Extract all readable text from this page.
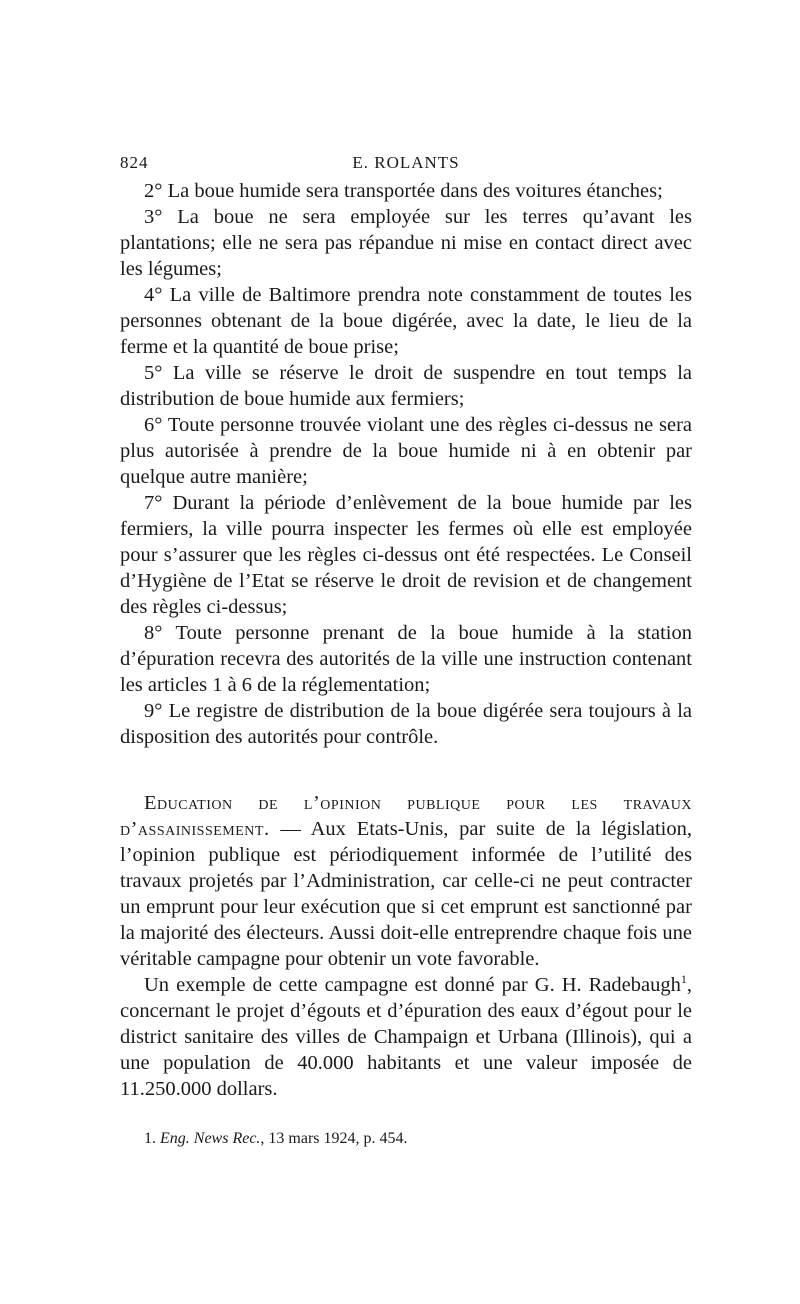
824	E. ROLANTS

2° La boue humide sera transportée dans des voitures étanches;

3° La boue ne sera employée sur les terres qu’avant les plantations; elle ne sera pas répandue ni mise en contact direct avec les légumes;

4° La ville de Baltimore prendra note constamment de toutes les personnes obtenant de la boue digérée, avec la date, le lieu de la ferme et la quantité de boue prise;

5° La ville se réserve le droit de suspendre en tout temps la distribution de boue humide aux fermiers;

6° Toute personne trouvée violant une des règles ci-dessus ne sera plus autorisée à prendre de la boue humide ni à en obtenir par quelque autre manière;

7° Durant la période d’enlèvement de la boue humide par les fermiers, la ville pourra inspecter les fermes où elle est employée pour s’assurer que les règles ci-dessus ont été respectées. Le Conseil d’Hygiène de l’Etat se réserve le droit de revision et de changement des règles ci-dessus;

8° Toute personne prenant de la boue humide à la station d’épuration recevra des autorités de la ville une instruction contenant les articles 1 à 6 de la réglementation;

9° Le registre de distribution de la boue digérée sera toujours à la disposition des autorités pour contrôle.

Education de l’opinion publique pour les travaux d’assainissement. — Aux Etats-Unis, par suite de la législation, l’opinion publique est périodiquement informée de l’utilité des travaux projetés par l’Administration, car celle-ci ne peut contracter un emprunt pour leur exécution que si cet emprunt est sanctionné par la majorité des électeurs. Aussi doit-elle entreprendre chaque fois une véritable campagne pour obtenir un vote favorable.

Un exemple de cette campagne est donné par G. H. Radebaugh$^1$, concernant le projet d’égouts et d’épuration des eaux d’égout pour le district sanitaire des villes de Champaign et Urbana (Illinois), qui a une population de 40.000 habitants et une valeur imposée de 11.250.000 dollars.

1. Eng. News Rec., 13 mars 1924, p. 454.
